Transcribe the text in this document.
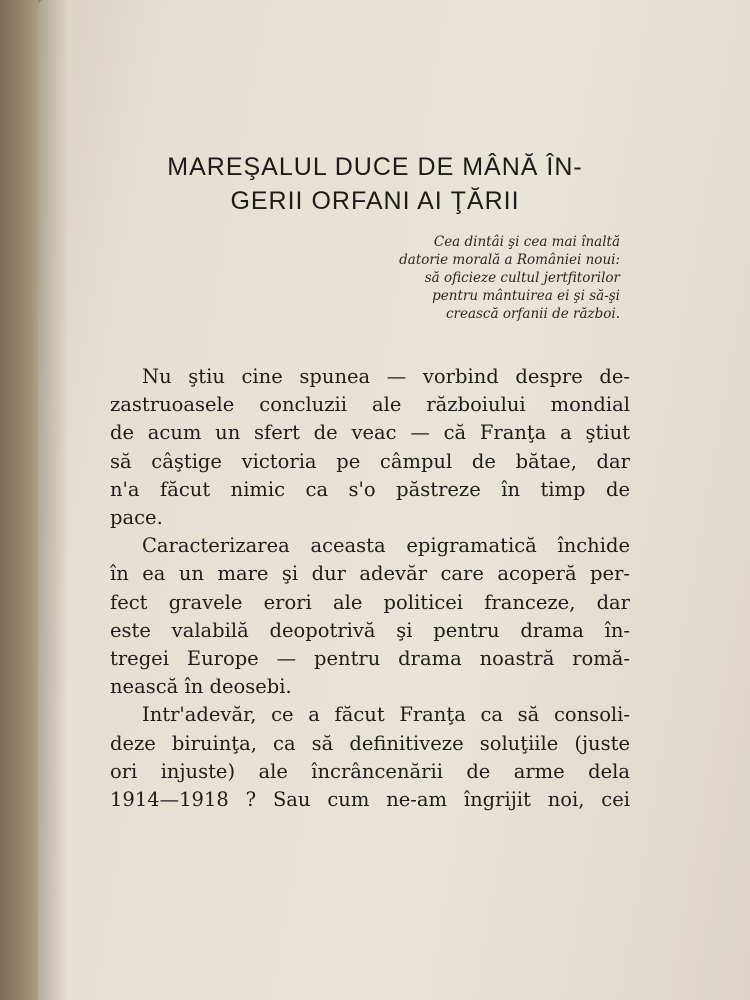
MAREŞALUL DUCE DE MÂNĂ ÎN-
GERII ORFANI AI ŢĂRII
Cea dintâi şi cea mai înaltă
datorie morală a României noui:
să oficieze cultul jertfitorilor
pentru mântuirea ei şi să-şi
crească orfanii de război.
Nu ştiu cine spunea — vorbind despre de-
zastruoasele concluzii ale războiului mondial
de acum un sfert de veac — că Franţa a ştiut
să câştige victoria pe câmpul de bătae, dar
n'a făcut nimic ca s'o păstreze în timp de
pace.
Caracterizarea aceasta epigramatică închide
în ea un mare şi dur adevăr care acoperă per-
fect gravele erori ale politicei franceze, dar
este valabilă deopotrivă şi pentru drama în-
tregei Europe — pentru drama noastră romă-
nească în deosebi.
Intr'adevăr, ce a făcut Franţa ca să consoli-
deze biruinţa, ca să definitiveze soluţiile (juste
ori injuste) ale încrâncenării de arme dela
1914—1918 ? Sau cum ne-am îngrijit noi, cei
